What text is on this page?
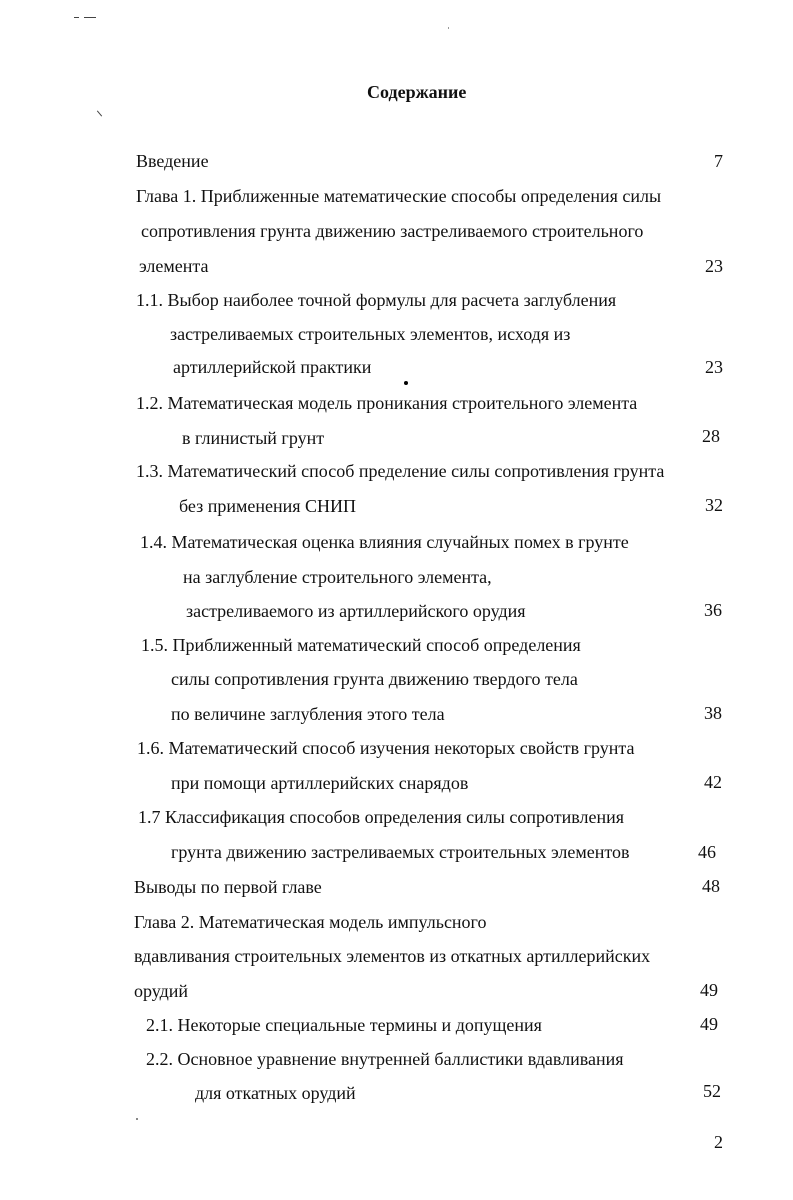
Содержание
Введение	7
Глава 1. Приближенные математические способы определения силы
сопротивления грунта движению застреливаемого строительного
элемента	23
1.1. Выбор наиболее точной формулы для расчета заглубления
застреливаемых строительных элементов, исходя из
артиллерийской практики	23
1.2. Математическая модель проникания строительного элемента
в глинистый грунт	28
1.3. Математический способ пределение силы сопротивления грунта
без применения СНИП	32
1.4. Математическая оценка влияния случайных помех в грунте
на заглубление строительного элемента,
застреливаемого из артиллерийского орудия	36
1.5. Приближенный математический способ определения
силы сопротивления грунта движению твердого тела
по величине заглубления этого тела	38
1.6. Математический способ изучения некоторых свойств грунта
при помощи артиллерийских снарядов	42
1.7 Классификация способов определения силы сопротивления
грунта движению застреливаемых строительных элементов	46
Выводы по первой главе	48
Глава 2. Математическая модель импульсного
вдавливания строительных элементов из откатных артиллерийских
орудий	49
2.1. Некоторые специальные термины и допущения	49
2.2. Основное уравнение внутренней баллистики вдавливания
для откатных орудий	52
2
